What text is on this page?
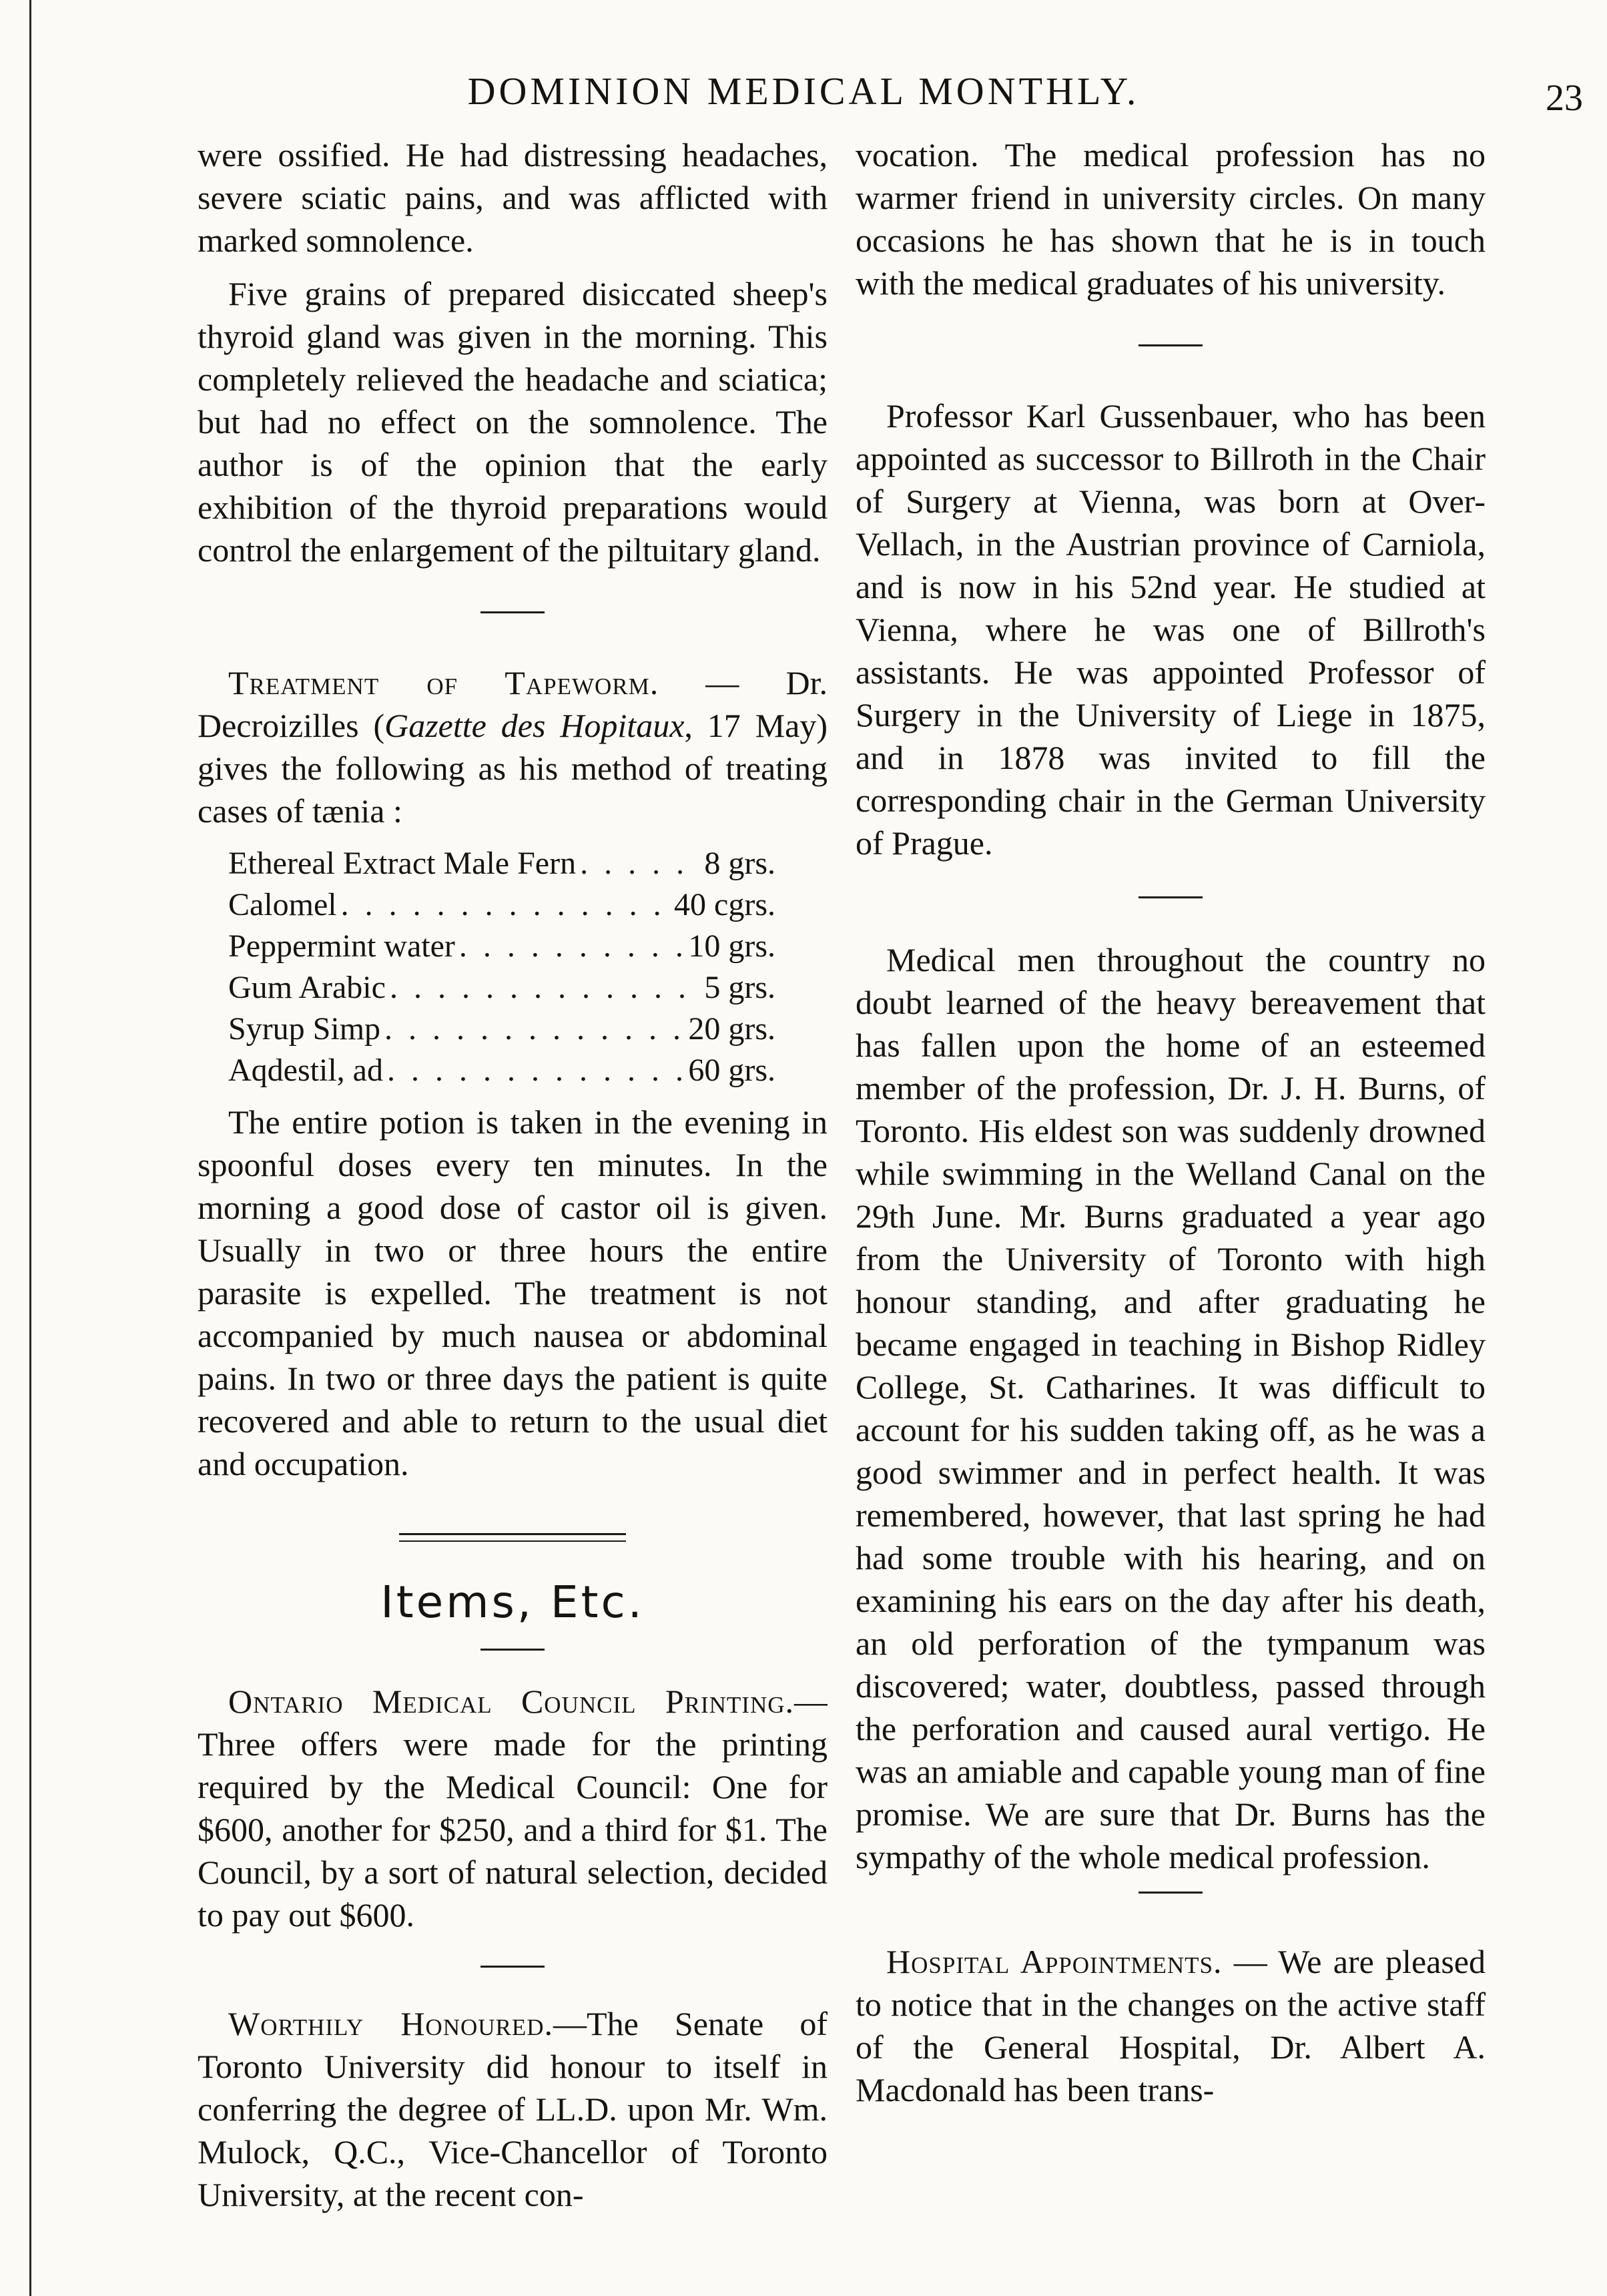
DOMINION MEDICAL MONTHLY.	23

were ossified. He had distressing headaches, severe sciatic pains, and was afflicted with marked somnolence.

Five grains of prepared disiccated sheep's thyroid gland was given in the morning. This completely relieved the headache and sciatica; but had no effect on the somnolence. The author is of the opinion that the early exhibition of the thyroid preparations would control the enlargement of the piltuitary gland.

Treatment of Tapeworm. — Dr. Decroizilles (Gazette des Hopitaux, 17 May) gives the following as his method of treating cases of tænia :

Ethereal Extract Male Fern . . .	8 grs.
Calomel . . .	40 cgrs.
Peppermint water . . .	10 grs.
Gum Arabic . . .	5 grs.
Syrup Simp . . .	20 grs.
Aqdestil, ad . . .	60 grs.

The entire potion is taken in the evening in spoonful doses every ten minutes. In the morning a good dose of castor oil is given. Usually in two or three hours the entire parasite is expelled. The treatment is not accompanied by much nausea or abdominal pains. In two or three days the patient is quite recovered and able to return to the usual diet and occupation.

Items, Etc.

Ontario Medical Council Printing.—Three offers were made for the printing required by the Medical Council: One for $600, another for $250, and a third for $1. The Council, by a sort of natural selection, decided to pay out $600.

Worthily Honoured.—The Senate of Toronto University did honour to itself in conferring the degree of LL.D. upon Mr. Wm. Mulock, Q.C., Vice-Chancellor of Toronto University, at the recent con-

vocation. The medical profession has no warmer friend in university circles. On many occasions he has shown that he is in touch with the medical graduates of his university.

Professor Karl Gussenbauer, who has been appointed as successor to Billroth in the Chair of Surgery at Vienna, was born at Over-Vellach, in the Austrian province of Carniola, and is now in his 52nd year. He studied at Vienna, where he was one of Billroth's assistants. He was appointed Professor of Surgery in the University of Liege in 1875, and in 1878 was invited to fill the corresponding chair in the German University of Prague.

Medical men throughout the country no doubt learned of the heavy bereavement that has fallen upon the home of an esteemed member of the profession, Dr. J. H. Burns, of Toronto. His eldest son was suddenly drowned while swimming in the Welland Canal on the 29th June. Mr. Burns graduated a year ago from the University of Toronto with high honour standing, and after graduating he became engaged in teaching in Bishop Ridley College, St. Catharines. It was difficult to account for his sudden taking off, as he was a good swimmer and in perfect health. It was remembered, however, that last spring he had had some trouble with his hearing, and on examining his ears on the day after his death, an old perforation of the tympanum was discovered; water, doubtless, passed through the perforation and caused aural vertigo. He was an amiable and capable young man of fine promise. We are sure that Dr. Burns has the sympathy of the whole medical profession.

Hospital Appointments. — We are pleased to notice that in the changes on the active staff of the General Hospital, Dr. Albert A. Macdonald has been trans-
